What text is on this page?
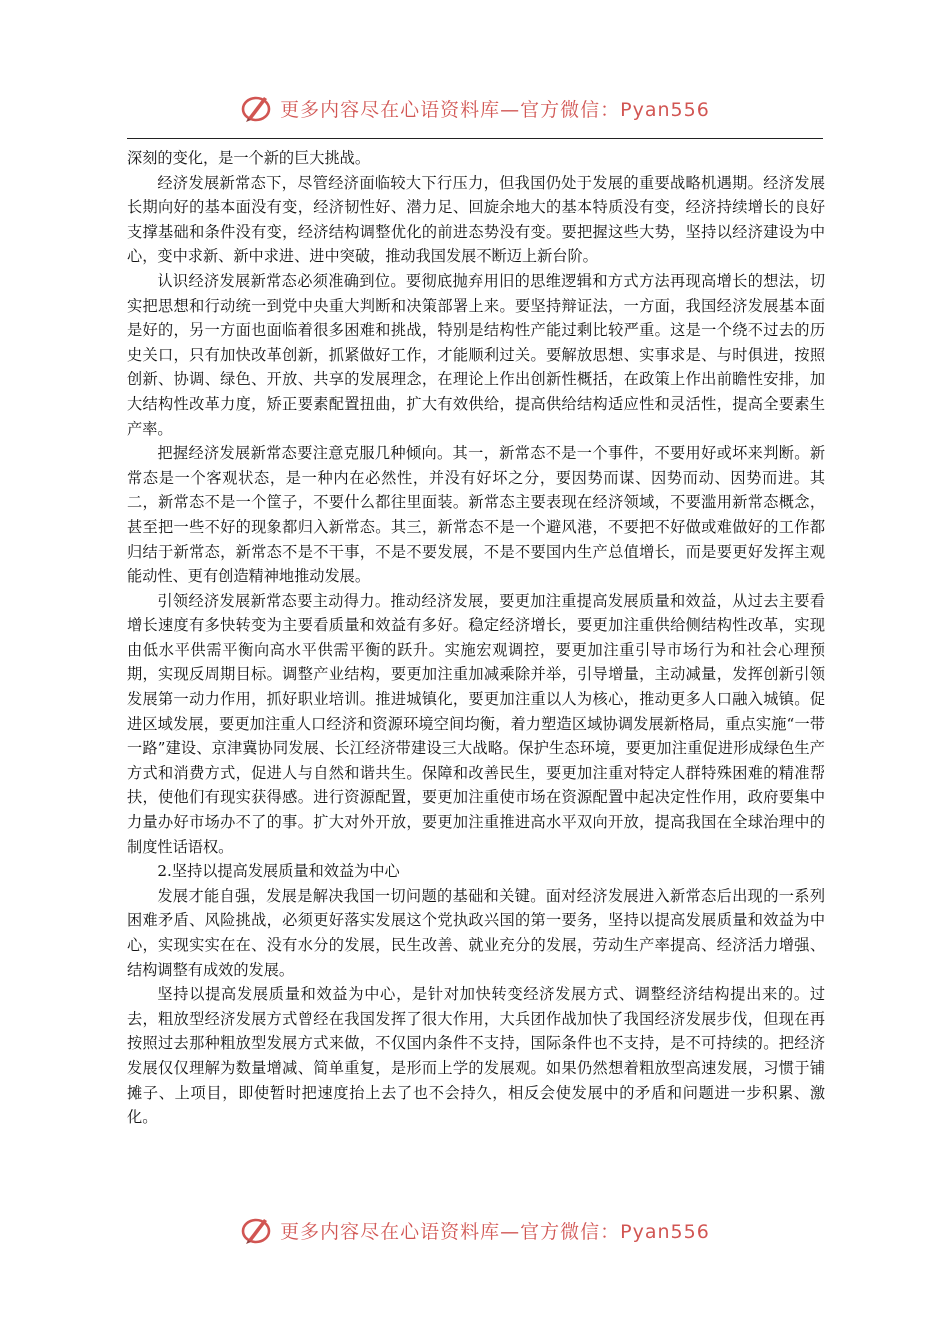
更多内容尽在心语资料库—官方微信：Pyan556

深刻的变化，是一个新的巨大挑战。

经济发展新常态下，尽管经济面临较大下行压力，但我国仍处于发展的重要战略机遇期。经济发展长期向好的基本面没有变，经济韧性好、潜力足、回旋余地大的基本特质没有变，经济持续增长的良好支撑基础和条件没有变，经济结构调整优化的前进态势没有变。要把握这些大势，坚持以经济建设为中心，变中求新、新中求进、进中突破，推动我国发展不断迈上新台阶。

认识经济发展新常态必须准确到位。要彻底抛弃用旧的思维逻辑和方式方法再现高增长的想法，切实把思想和行动统一到党中央重大判断和决策部署上来。要坚持辩证法，一方面，我国经济发展基本面是好的，另一方面也面临着很多困难和挑战，特别是结构性产能过剩比较严重。这是一个绕不过去的历史关口，只有加快改革创新，抓紧做好工作，才能顺利过关。要解放思想、实事求是、与时俱进，按照创新、协调、绿色、开放、共享的发展理念，在理论上作出创新性概括，在政策上作出前瞻性安排，加大结构性改革力度，矫正要素配置扭曲，扩大有效供给，提高供给结构适应性和灵活性，提高全要素生产率。

把握经济发展新常态要注意克服几种倾向。其一，新常态不是一个事件，不要用好或坏来判断。新常态是一个客观状态，是一种内在必然性，并没有好坏之分，要因势而谋、因势而动、因势而进。其二，新常态不是一个筐子，不要什么都往里面装。新常态主要表现在经济领域，不要滥用新常态概念，甚至把一些不好的现象都归入新常态。其三，新常态不是一个避风港，不要把不好做或难做好的工作都归结于新常态，新常态不是不干事，不是不要发展，不是不要国内生产总值增长，而是要更好发挥主观能动性、更有创造精神地推动发展。

引领经济发展新常态要主动得力。推动经济发展，要更加注重提高发展质量和效益，从过去主要看增长速度有多快转变为主要看质量和效益有多好。稳定经济增长，要更加注重供给侧结构性改革，实现由低水平供需平衡向高水平供需平衡的跃升。实施宏观调控，要更加注重引导市场行为和社会心理预期，实现反周期目标。调整产业结构，要更加注重加减乘除并举，引导增量，主动减量，发挥创新引领发展第一动力作用，抓好职业培训。推进城镇化，要更加注重以人为核心，推动更多人口融入城镇。促进区域发展，要更加注重人口经济和资源环境空间均衡，着力塑造区域协调发展新格局，重点实施“一带一路”建设、京津冀协同发展、长江经济带建设三大战略。保护生态环境，要更加注重促进形成绿色生产方式和消费方式，促进人与自然和谐共生。保障和改善民生，要更加注重对特定人群特殊困难的精准帮扶，使他们有现实获得感。进行资源配置，要更加注重使市场在资源配置中起决定性作用，政府要集中力量办好市场办不了的事。扩大对外开放，要更加注重推进高水平双向开放，提高我国在全球治理中的制度性话语权。

2.坚持以提高发展质量和效益为中心

发展才能自强，发展是解决我国一切问题的基础和关键。面对经济发展进入新常态后出现的一系列困难矛盾、风险挑战，必须更好落实发展这个党执政兴国的第一要务，坚持以提高发展质量和效益为中心，实现实实在在、没有水分的发展，民生改善、就业充分的发展，劳动生产率提高、经济活力增强、结构调整有成效的发展。

坚持以提高发展质量和效益为中心，是针对加快转变经济发展方式、调整经济结构提出来的。过去，粗放型经济发展方式曾经在我国发挥了很大作用，大兵团作战加快了我国经济发展步伐，但现在再按照过去那种粗放型发展方式来做，不仅国内条件不支持，国际条件也不支持，是不可持续的。把经济发展仅仅理解为数量增减、简单重复，是形而上学的发展观。如果仍然想着粗放型高速发展，习惯于铺摊子、上项目，即使暂时把速度抬上去了也不会持久，相反会使发展中的矛盾和问题进一步积累、激化。

更多内容尽在心语资料库—官方微信：Pyan556
